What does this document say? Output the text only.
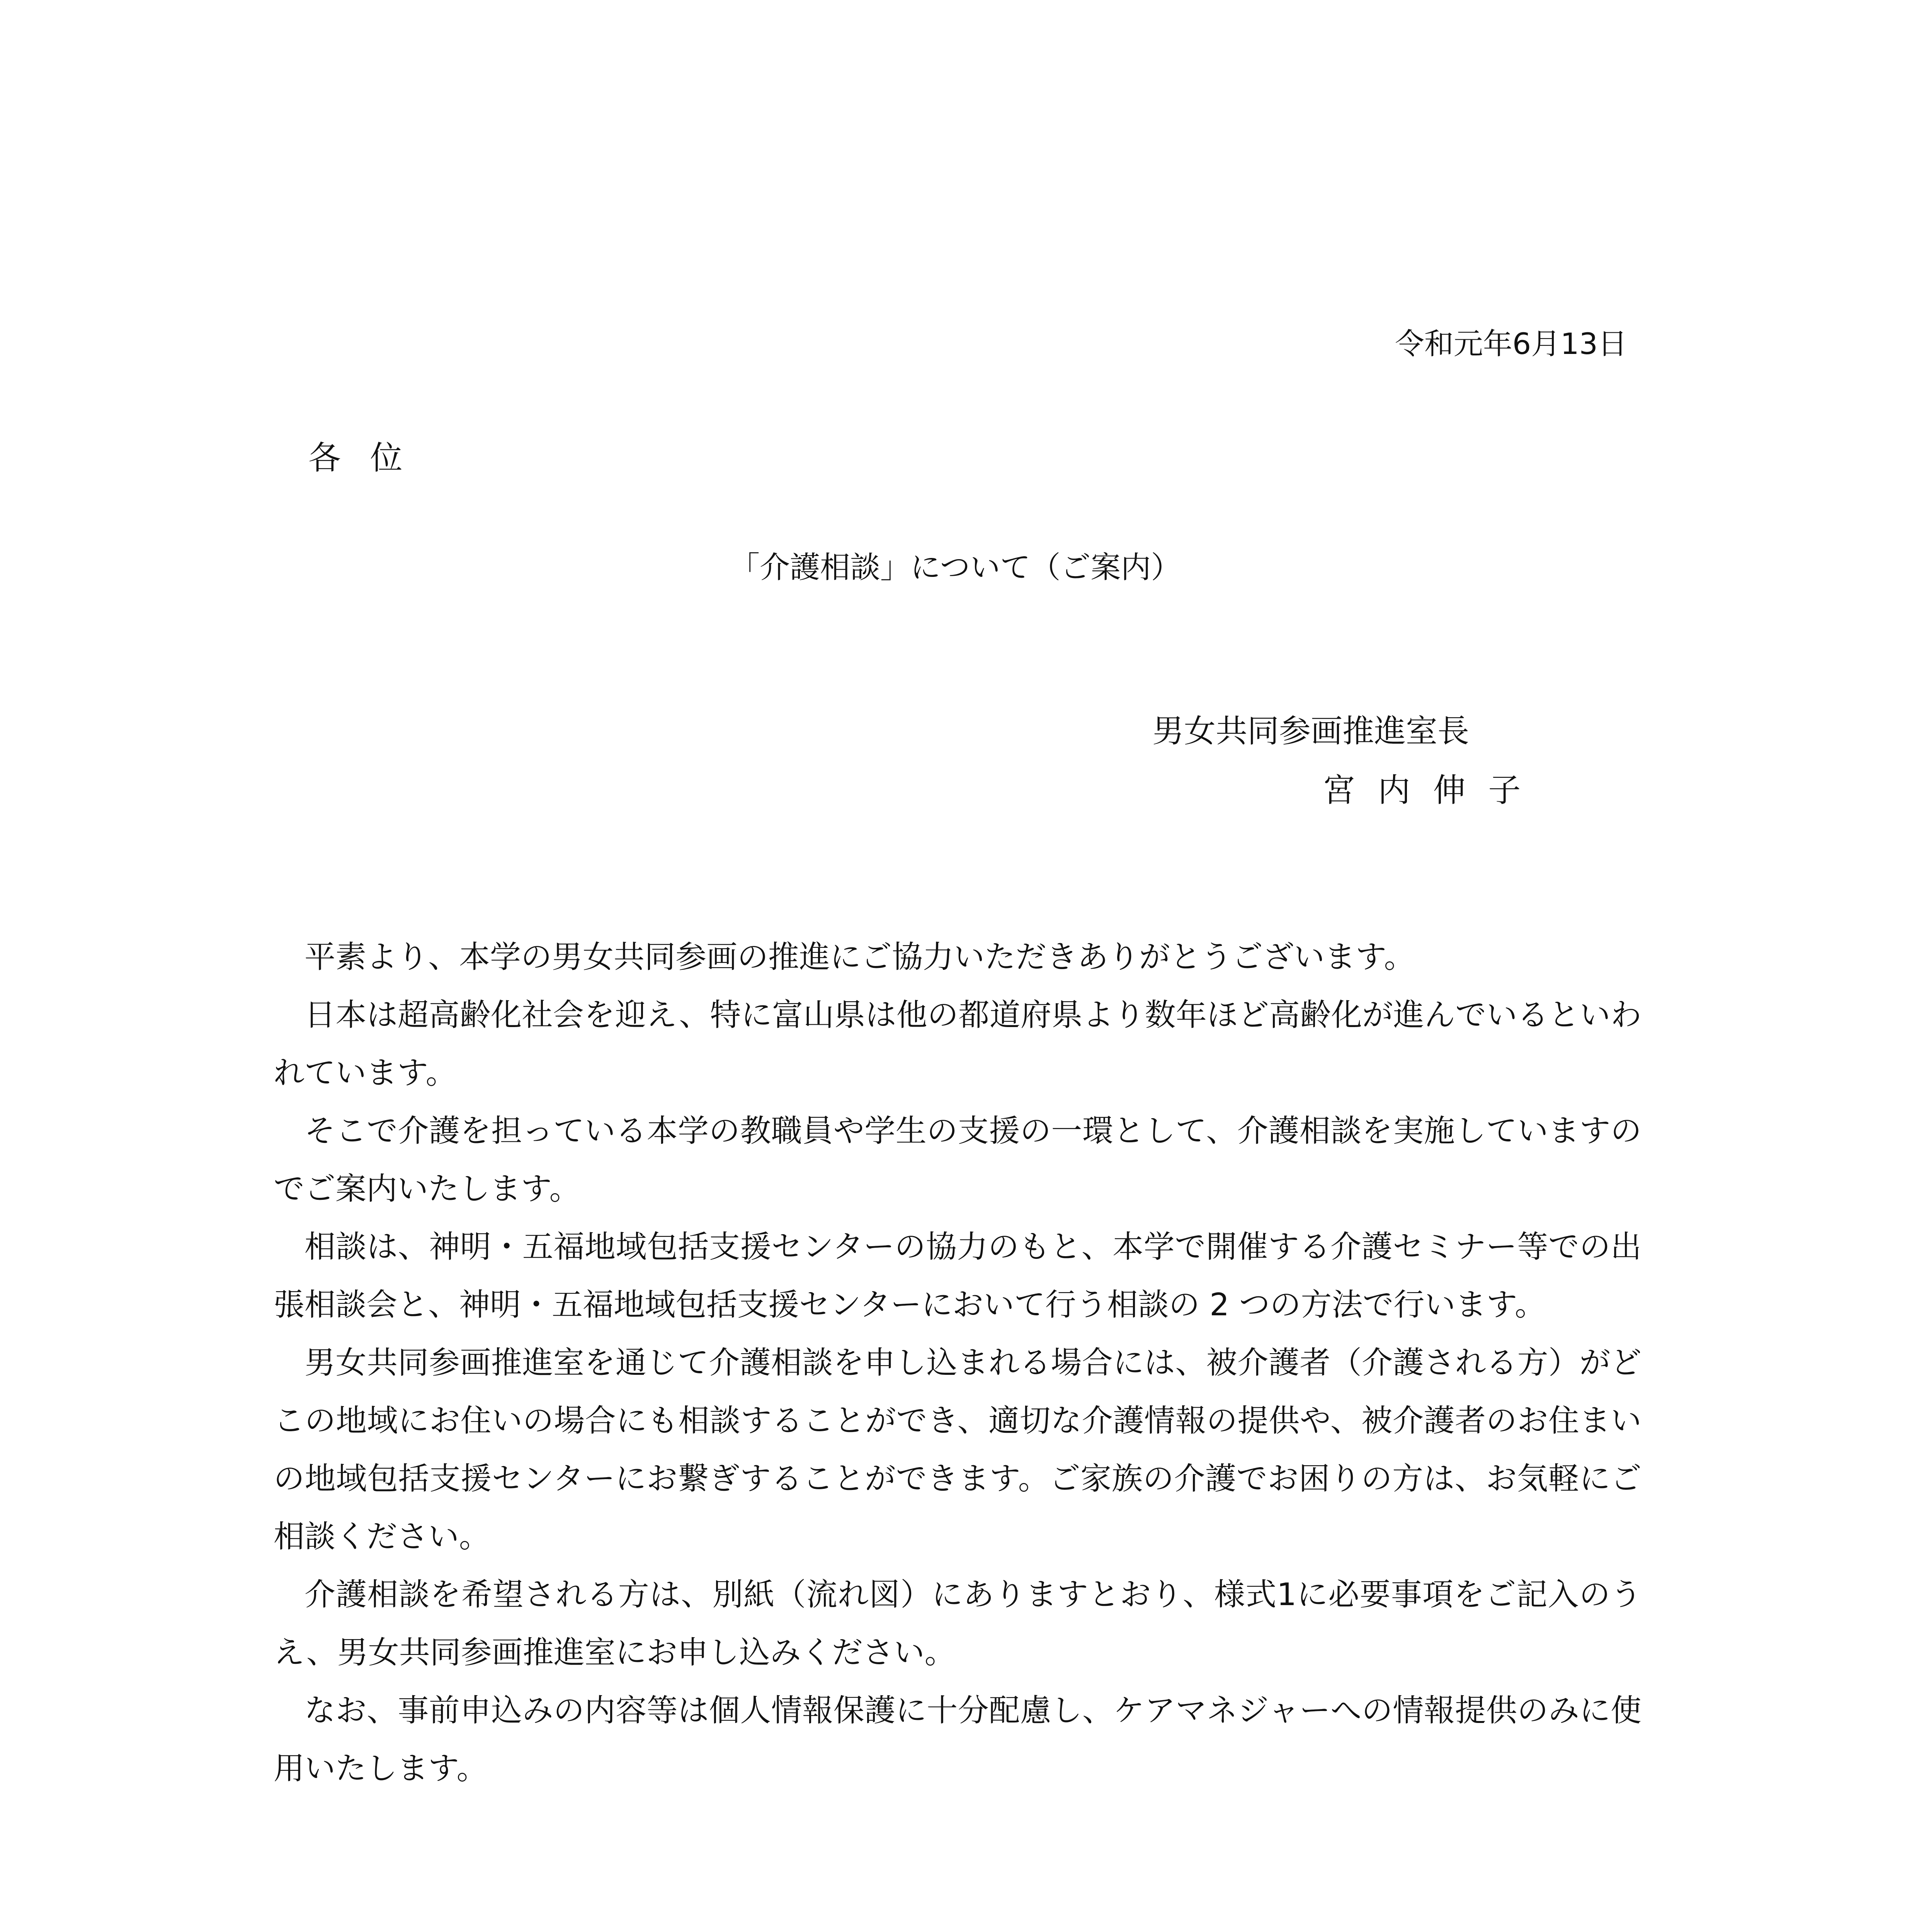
令和元年6月13日
各位
「介護相談」について（ご案内）
男女共同参画推進室長
宮内伸子

平素より、本学の男女共同参画の推進にご協力いただきありがとうございます。

日本は超高齢化社会を迎え、特に富山県は他の都道府県より数年ほど高齢化が進んでいるといわれています。

そこで介護を担っている本学の教職員や学生の支援の一環として、介護相談を実施していますのでご案内いたします。

相談は、神明・五福地域包括支援センターの協力のもと、本学で開催する介護セミナー等での出張相談会と、神明・五福地域包括支援センターにおいて行う相談の 2 つの方法で行います。

男女共同参画推進室を通じて介護相談を申し込まれる場合には、被介護者（介護される方）がどこの地域にお住いの場合にも相談することができ、適切な介護情報の提供や、被介護者のお住まいの地域包括支援センターにお繋ぎすることができます。ご家族の介護でお困りの方は、お気軽にご相談ください。

介護相談を希望される方は、別紙（流れ図）にありますとおり、様式1に必要事項をご記入のうえ、男女共同参画推進室にお申し込みください。

なお、事前申込みの内容等は個人情報保護に十分配慮し、ケアマネジャーへの情報提供のみに使用いたします。
